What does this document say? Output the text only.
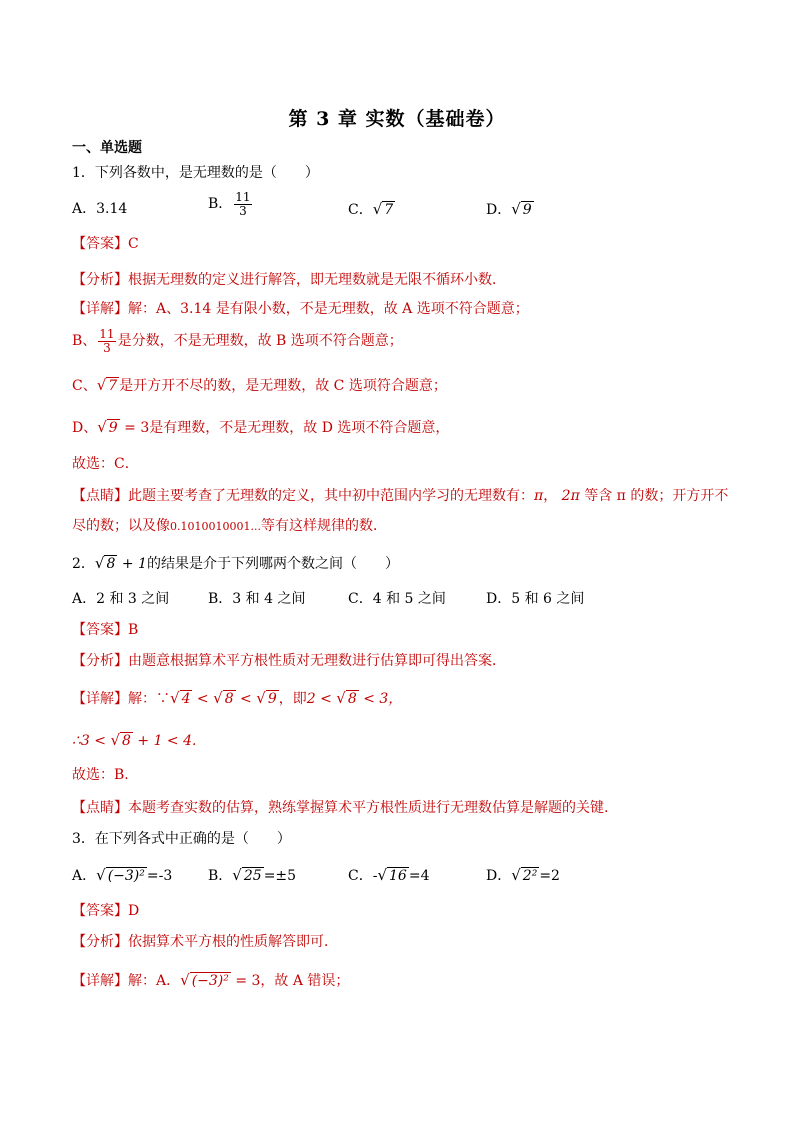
第 3 章 实数（基础卷）
一、单选题
1．下列各数中，是无理数的是（　　）
A．3.14	B． $\frac{11}{3}$	C．√ 7	D．√ 9
【答案】C
【分析】根据无理数的定义进行解答，即无理数就是无限不循环小数．
【详解】解：A、3.14 是有限小数，不是无理数，故 A 选项不符合题意；
B、 $\frac{11}{3}$ 是分数，不是无理数，故 B 选项不符合题意；
C、√ 7 是开方开不尽的数，是无理数，故 C 选项符合题意；
D、√ 9 = 3是有理数，不是无理数，故 D 选项不符合题意，
故选：C．
【点睛】此题主要考查了无理数的定义，其中初中范围内学习的无理数有：π， 2π 等含 π 的数；开方开不
尽的数；以及像0.1010010001...等有这样规律的数．
2．√ 8 + 1的结果是介于下列哪两个数之间（　　）
A．2 和 3 之间	B．3 和 4 之间	C．4 和 5 之间	D．5 和 6 之间
【答案】B
【分析】由题意根据算术平方根性质对无理数进行估算即可得出答案．
【详解】解：∵√ 4 < √ 8 < √ 9 ，即2 < √ 8 < 3，
∴3 < √ 8 + 1 < 4.
故选：B.
【点睛】本题考查实数的估算，熟练掌握算术平方根性质进行无理数估算是解题的关键.
3．在下列各式中正确的是（　　）
A．√ (−3)² =-3	B．√ 25 =±5	C．-√ 16 =4	D．√ 2² =2
【答案】D
【分析】依据算术平方根的性质解答即可．
【详解】解：A．√ (−3)² = 3，故 A 错误；
